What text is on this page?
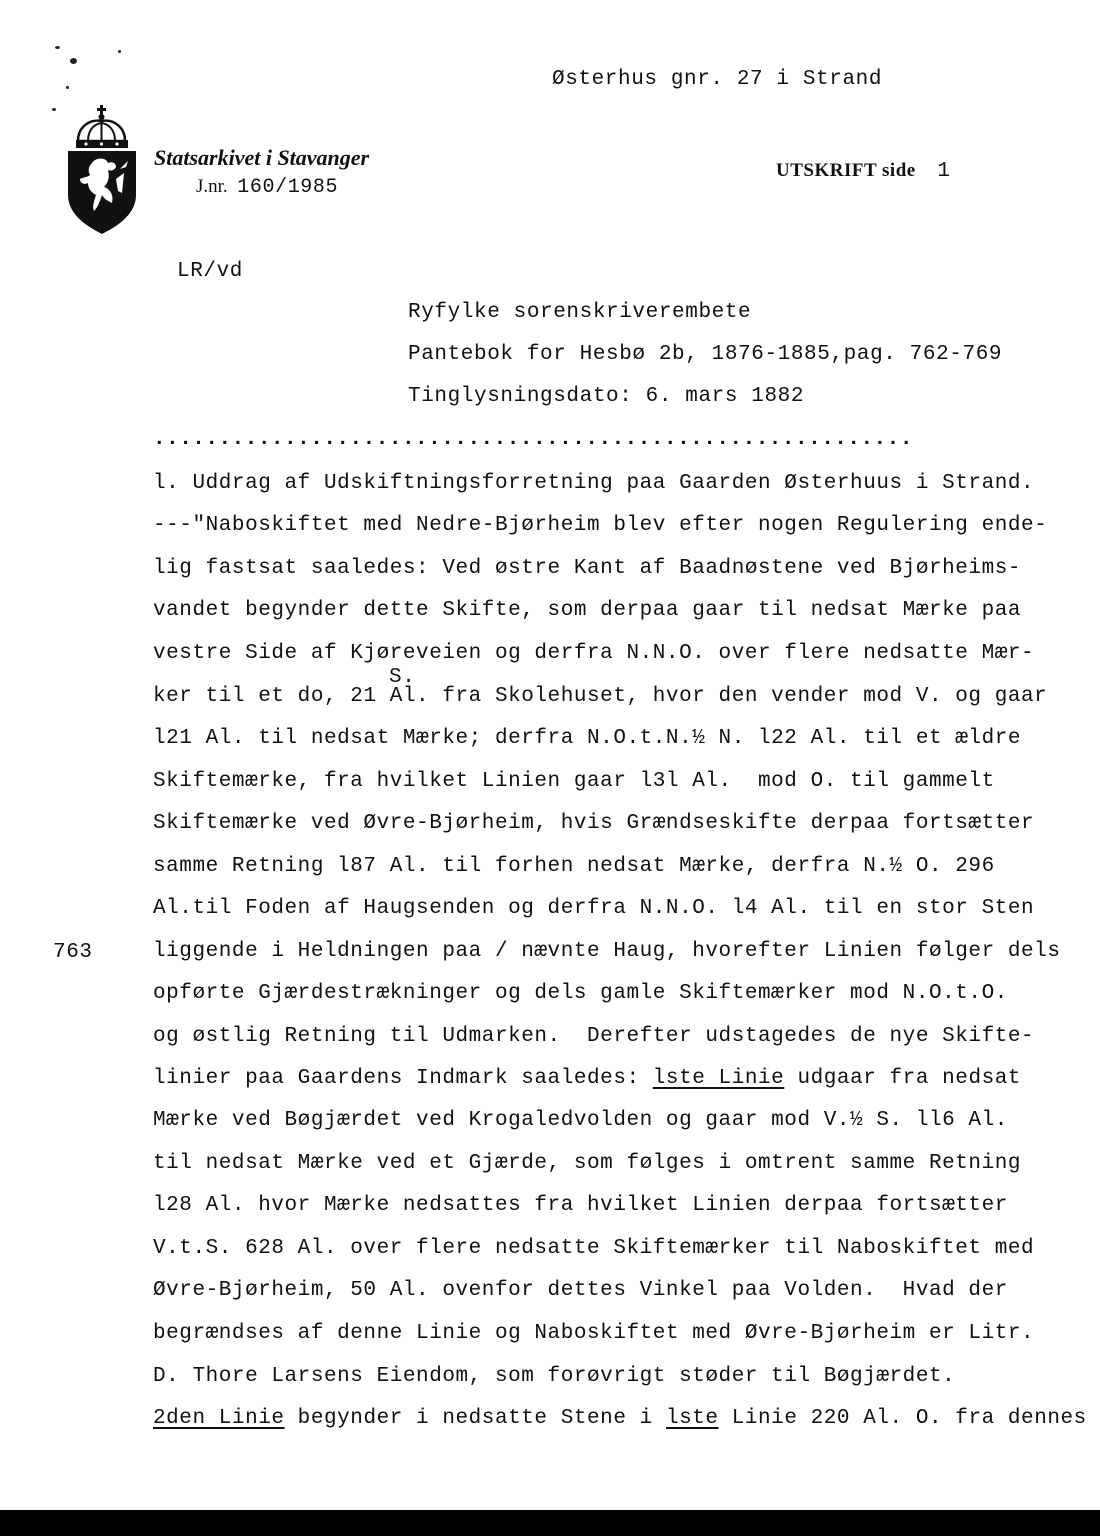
Østerhus gnr. 27 i Strand
Statsarkivet i Stavanger
J.nr. 160/1985
UTSKRIFT side 1
LR/vd
Ryfylke sorenskriverembete
Pantebok for Hesbø 2b, 1876-1885,pag. 762-769
Tinglysningsdato: 6. mars 1882
..........................................................
763
S.
l. Uddrag af Udskiftningsforretning paa Gaarden Østerhuus i Strand.
---"Naboskiftet med Nedre-Bjørheim blev efter nogen Regulering ende-
lig fastsat saaledes: Ved østre Kant af Baadnøstene ved Bjørheims-
vandet begynder dette Skifte, som derpaa gaar til nedsat Mærke paa
vestre Side af Kjøreveien og derfra N.N.O. over flere nedsatte Mær-
ker til et do, 21 Al. fra Skolehuset, hvor den vender mod V. og gaar
l21 Al. til nedsat Mærke; derfra N.O.t.N.½ N. l22 Al. til et ældre
Skiftemærke, fra hvilket Linien gaar l3l Al.  mod O. til gammelt
Skiftemærke ved Øvre-Bjørheim, hvis Grændseskifte derpaa fortsætter
samme Retning l87 Al. til forhen nedsat Mærke, derfra N.½ O. 296
Al.til Foden af Haugsenden og derfra N.N.O. l4 Al. til en stor Sten
liggende i Heldningen paa / nævnte Haug, hvorefter Linien følger dels
opførte Gjærdestrækninger og dels gamle Skiftemærker mod N.O.t.O.
og østlig Retning til Udmarken.  Derefter udstagedes de nye Skifte-
linier paa Gaardens Indmark saaledes: lste Linie udgaar fra nedsat
Mærke ved Bøgjærdet ved Krogaledvolden og gaar mod V.½ S. ll6 Al.
til nedsat Mærke ved et Gjærde, som følges i omtrent samme Retning
l28 Al. hvor Mærke nedsattes fra hvilket Linien derpaa fortsætter
V.t.S. 628 Al. over flere nedsatte Skiftemærker til Naboskiftet med
Øvre-Bjørheim, 50 Al. ovenfor dettes Vinkel paa Volden.  Hvad der
begrændses af denne Linie og Naboskiftet med Øvre-Bjørheim er Litr.
D. Thore Larsens Eiendom, som forøvrigt støder til Bøgjærdet.
2den Linie begynder i nedsatte Stene i lste Linie 220 Al. O. fra dennes
